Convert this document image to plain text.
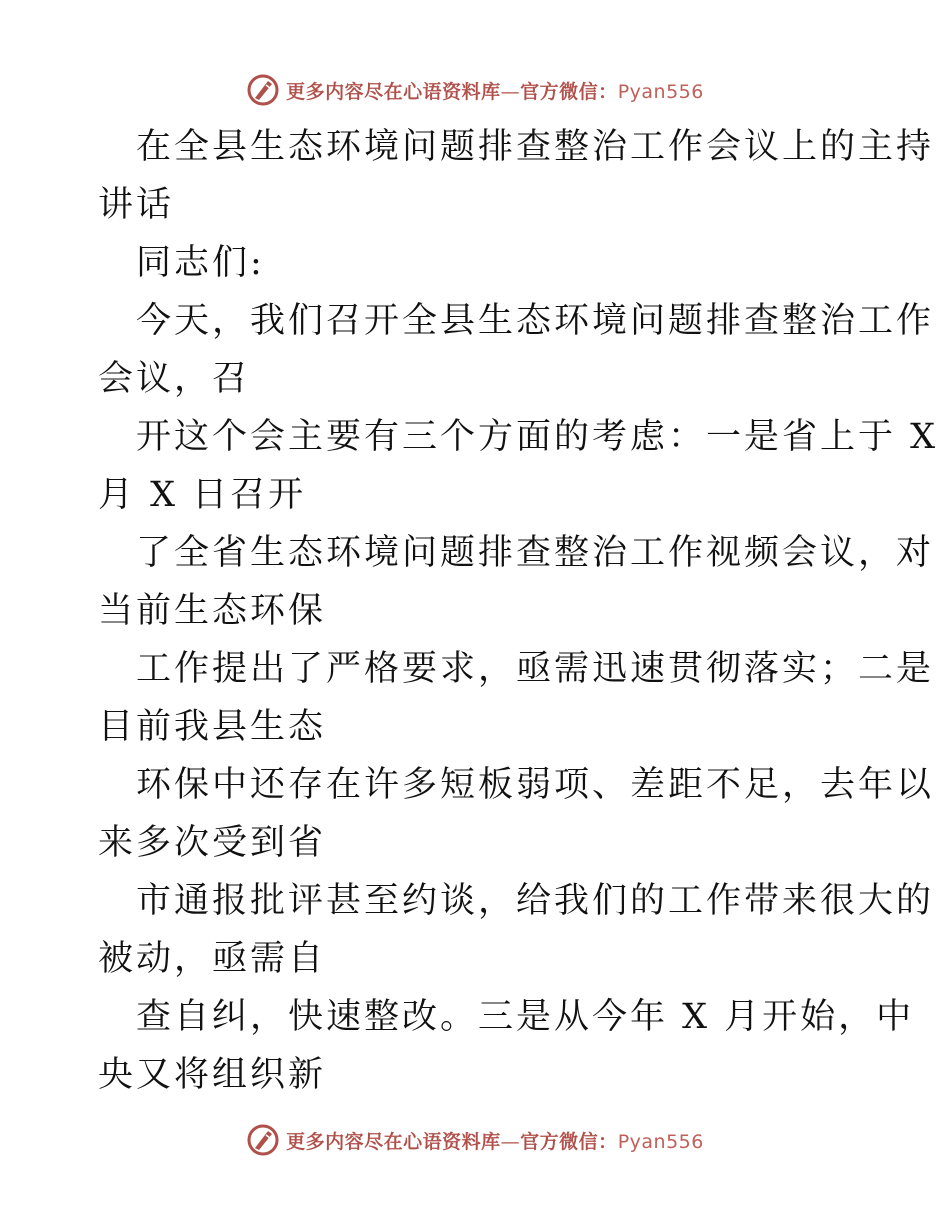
更多内容尽在心语资料库—官方微信：Pyan556

在全县生态环境问题排查整治工作会议上的主持

讲话

同志们:

今天，我们召开全县生态环境问题排查整治工作

会议，召

开这个会主要有三个方面的考虑：一是省上于 X

月 X 日召开

了全省生态环境问题排查整治工作视频会议，对

当前生态环保

工作提出了严格要求，亟需迅速贯彻落实；二是

目前我县生态

环保中还存在许多短板弱项、差距不足，去年以

来多次受到省

市通报批评甚至约谈，给我们的工作带来很大的

被动，亟需自

查自纠，快速整改。三是从今年 X 月开始，中

央又将组织新

更多内容尽在心语资料库—官方微信：Pyan556
